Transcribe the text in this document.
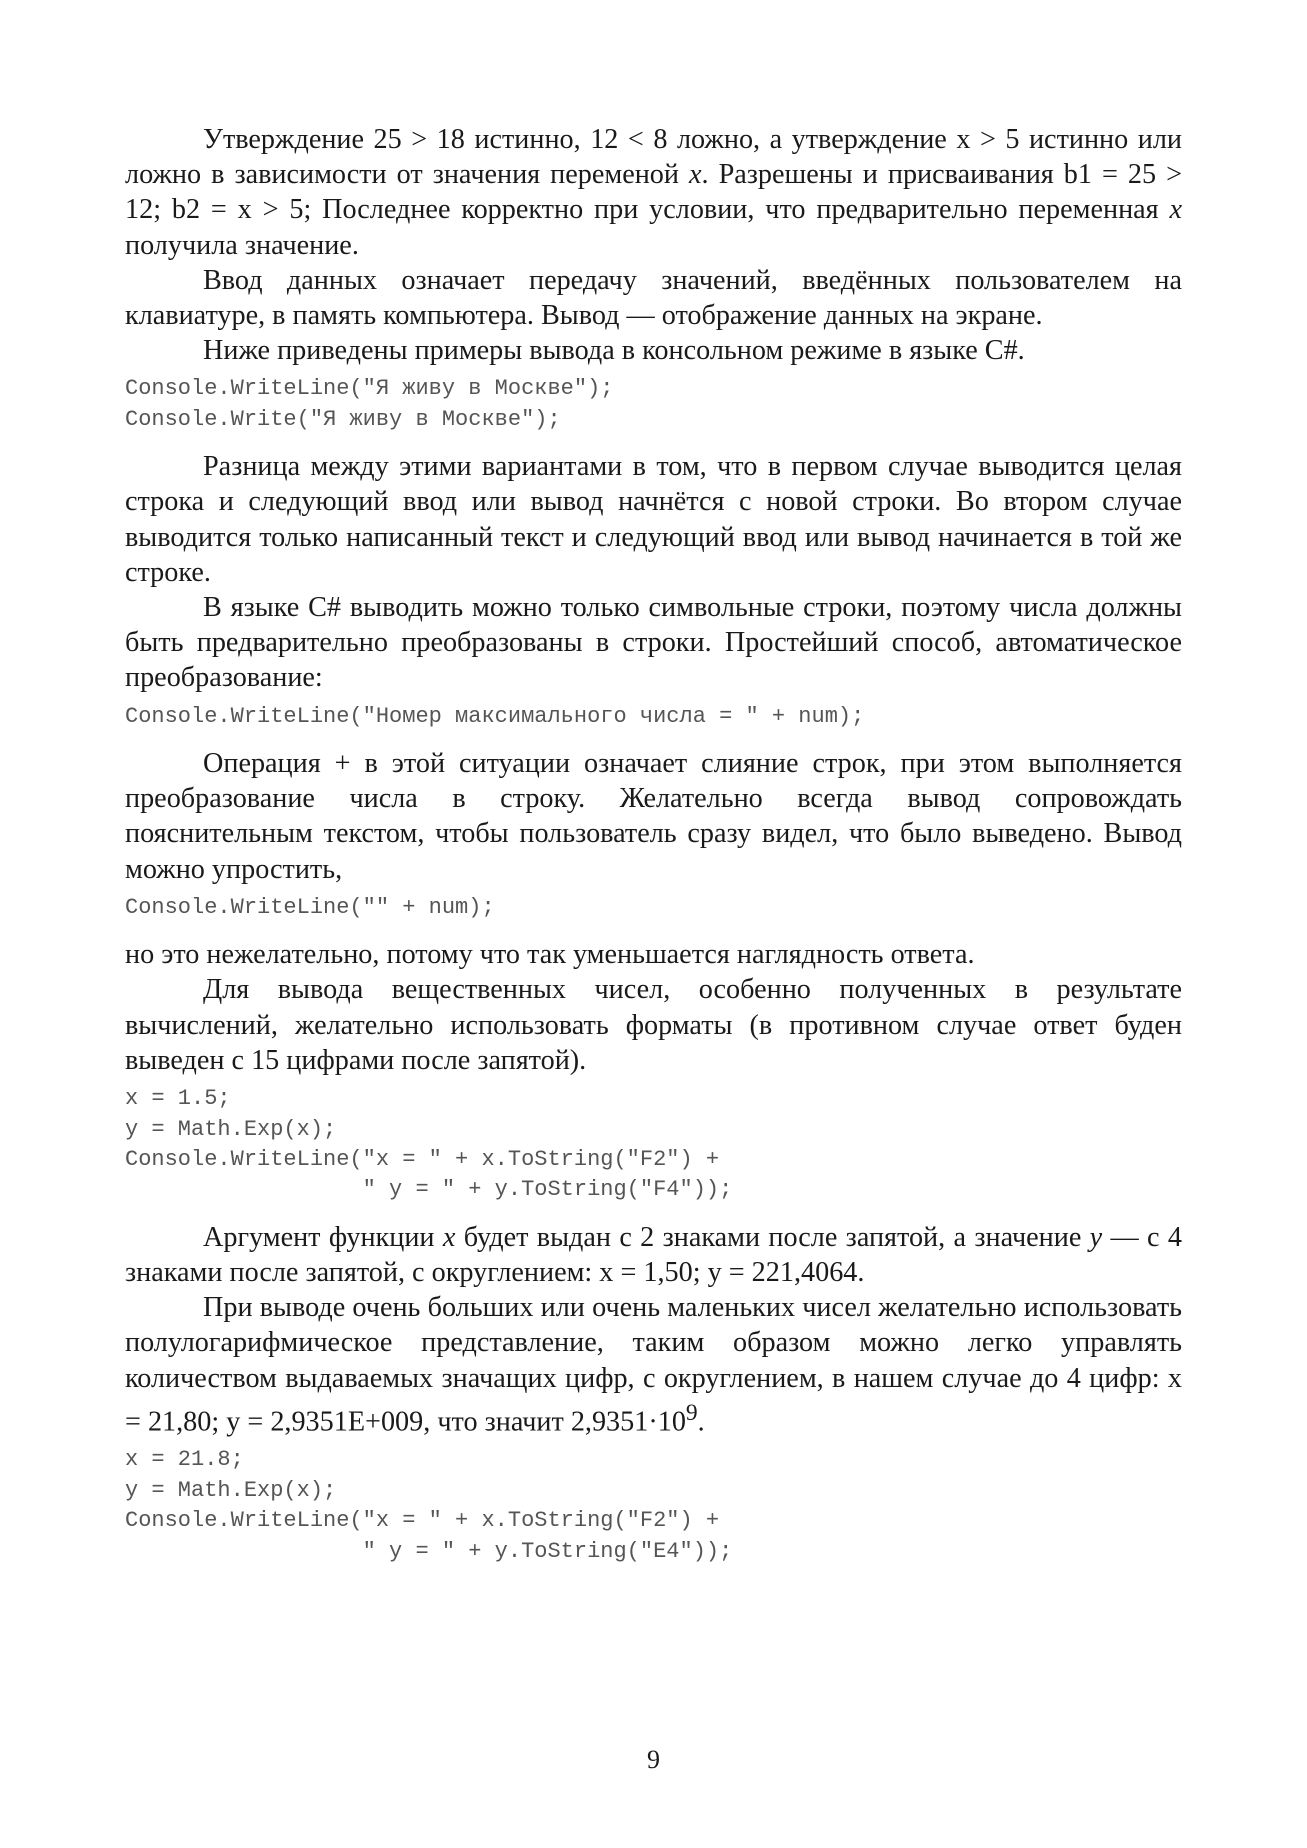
Утверждение 25 > 18 истинно, 12 < 8 ложно, а утверждение x > 5 истинно или ложно в зависимости от значения переменой x. Разрешены и присваивания b1 = 25 > 12; b2 = x > 5; Последнее корректно при условии, что предварительно переменная x получила значение.

Ввод данных означает передачу значений, введённых пользователем на клавиатуре, в память компьютера. Вывод — отображение данных на экране.

Ниже приведены примеры вывода в консольном режиме в языке C#.

Console.WriteLine("Я живу в Москве");
Console.Write("Я живу в Москве");

Разница между этими вариантами в том, что в первом случае выводится целая строка и следующий ввод или вывод начнётся с новой строки. Во втором случае выводится только написанный текст и следующий ввод или вывод начинается в той же строке.

В языке C# выводить можно только символьные строки, поэтому числа должны быть предварительно преобразованы в строки. Простейший способ, автоматическое преобразование:

Console.WriteLine("Номер максимального числа = " + num);

Операция + в этой ситуации означает слияние строк, при этом выполняется преобразование числа в строку. Желательно всегда вывод сопровождать пояснительным текстом, чтобы пользователь сразу видел, что было выведено. Вывод можно упростить,

Console.WriteLine("" + num);

но это нежелательно, потому что так уменьшается наглядность ответа.

Для вывода вещественных чисел, особенно полученных в результате вычислений, желательно использовать форматы (в противном случае ответ буден выведен с 15 цифрами после запятой).

x = 1.5;
y = Math.Exp(x);
Console.WriteLine("x = " + x.ToString("F2") +
" y = " + y.ToString("F4"));

Аргумент функции x будет выдан с 2 знаками после запятой, а значение y — с 4 знаками после запятой, с округлением: x = 1,50; y = 221,4064.

При выводе очень больших или очень маленьких чисел желательно использовать полулогарифмическое представление, таким образом можно легко управлять количеством выдаваемых значащих цифр, с округлением, в нашем случае до 4 цифр: x = 21,80; y = 2,9351E+009, что значит $2,9351\cdot 10^9$.

x = 21.8;
y = Math.Exp(x);
Console.WriteLine("x = " + x.ToString("F2") +
" y = " + y.ToString("E4"));
9
